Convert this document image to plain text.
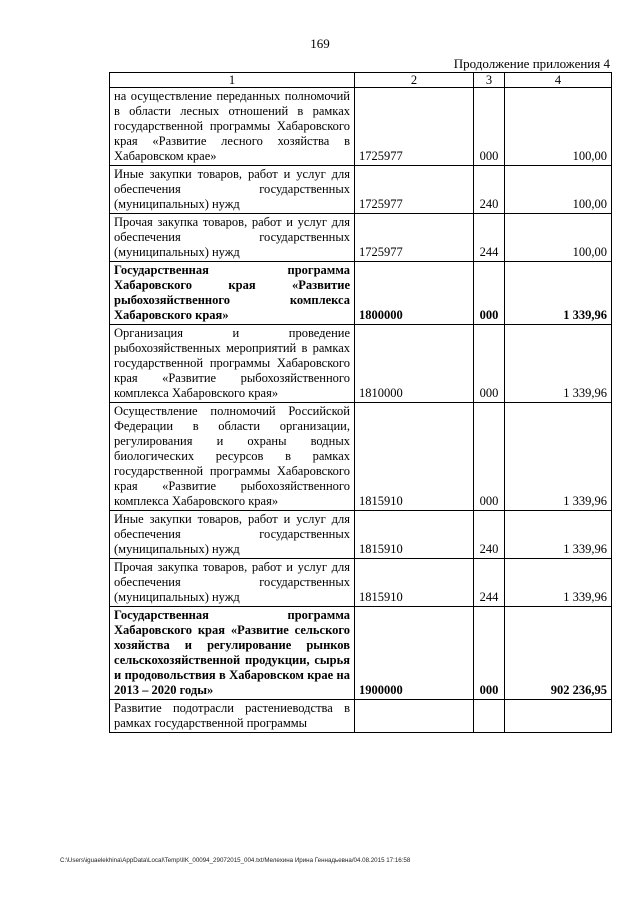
169
Продолжение приложения 4
1	2	3	4

на осуществление переданных полномочий в области лесных отношений в рамках государственной программы Хабаровского края «Развитие лесного хозяйства в Хабаровском крае»	1725977	000	100,00

Иные закупки товаров, работ и услуг для обеспечения государственных (муниципальных) нужд	1725977	240	100,00

Прочая закупка товаров, работ и услуг для обеспечения государственных (муниципальных) нужд	1725977	244	100,00

Государственная программа Хабаровского края «Развитие рыбохозяйственного комплекса Хабаровского края»	1800000	000	1 339,96

Организация и проведение рыбохозяйственных мероприятий в рамках государственной программы Хабаровского края «Развитие рыбохозяйственного комплекса Хабаровского края»	1810000	000	1 339,96

Осуществление полномочий Российской Федерации в области организации, регулирования и охраны водных биологических ресурсов в рамках государственной программы Хабаровского края «Развитие рыбохозяйственного комплекса Хабаровского края»	1815910	000	1 339,96

Иные закупки товаров, работ и услуг для обеспечения государственных (муниципальных) нужд	1815910	240	1 339,96

Прочая закупка товаров, работ и услуг для обеспечения государственных (муниципальных) нужд	1815910	244	1 339,96

Государственная программа Хабаровского края «Развитие сельского хозяйства и регулирование рынков сельскохозяйственной продукции, сырья и продовольствия в Хабаровском крае на 2013 – 2020 годы»	1900000	000	902 236,95

Развитие подотрасли растениеводства в рамках государственной программы			

C:\Users\iguaelekhina\AppData\Local\Temp\IIK_00094_29072015_004.txt/Мелехина Ирина Геннадьевна/04.08.2015 17:16:58
